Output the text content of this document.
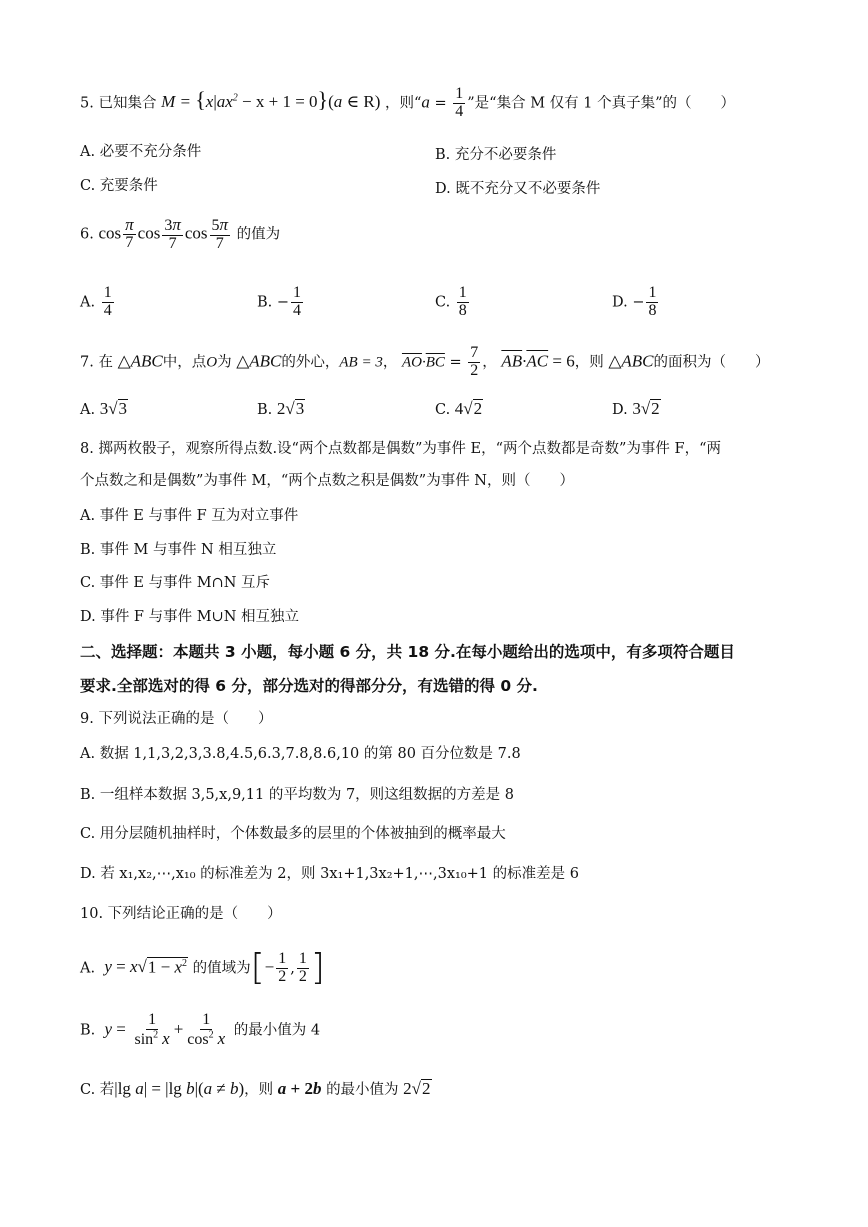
5. 已知集合 $M = \{x|ax^2 - x + 1 = 0\}(a$ ∈ R) ，则“$a = \frac{1}{4}$ ”是“集合 M 仅有 1 个真子集”的（　　）
A. 必要不充分条件	B. 充分不必要条件
C. 充要条件	D. 既不充分又不必要条件
6. $\cos \frac{\pi}{7}$ $\cos \frac{3\pi}{7}$ $\cos \frac{5\pi}{7}$ 的值为
A. $\frac{1}{4}$	B. − $\frac{1}{4}$	C. $\frac{1}{8}$	D. − $\frac{1}{8}$
7. 在 △ABC中，点O为 △ABC的外心，AB = 3， $\overline{AO}\cdot\overline{BC} = \frac{7}{2}$ ， $\overline{AB}\cdot\overline{AC} = 6$，则 △ABC的面积为（　　）
A. 3√3	B. 2√3	C. 4√2	D. 3√2
8. 掷两枚骰子，观察所得点数.设“两个点数都是偶数”为事件 E，“两个点数都是奇数”为事件 F，“两
个点数之和是偶数”为事件 M，“两个点数之积是偶数”为事件 N，则（　　）
A. 事件 E 与事件 F 互为对立事件
B. 事件 M 与事件 N 相互独立
C. 事件 E 与事件 M∩N 互斥
D. 事件 F 与事件 M∪N 相互独立
二、选择题：本题共 3 小题，每小题 6 分，共 18 分.在每小题给出的选项中，有多项符合题目
要求.全部选对的得 6 分，部分选对的得部分分，有选错的得 0 分.
9. 下列说法正确的是（　　）
A. 数据 1,1,3,2,3,3.8,4.5,6.3,7.8,8.6,10 的第 80 百分位数是 7.8
B. 一组样本数据 3,5,x,9,11 的平均数为 7，则这组数据的方差是 8
C. 用分层随机抽样时，个体数最多的层里的个体被抽到的概率最大
D. 若 x₁,x₂,⋯,x₁₀ 的标准差为 2，则 3x₁+1,3x₂+1,⋯,3x₁₀+1 的标准差是 6
10. 下列结论正确的是（　　）
A. $y = x√1 - x^2$ 的值域为[− $\frac{1}{2}$ , $\frac{1}{2}$ ]
B. $y = \frac{1}{\sin^2 x} + \frac{1}{\cos^2 x}$ 的最小值为 4
C. 若|lg a| = |lg b|(a ≠ b)，则 a + 2b 的最小值为 2√2
